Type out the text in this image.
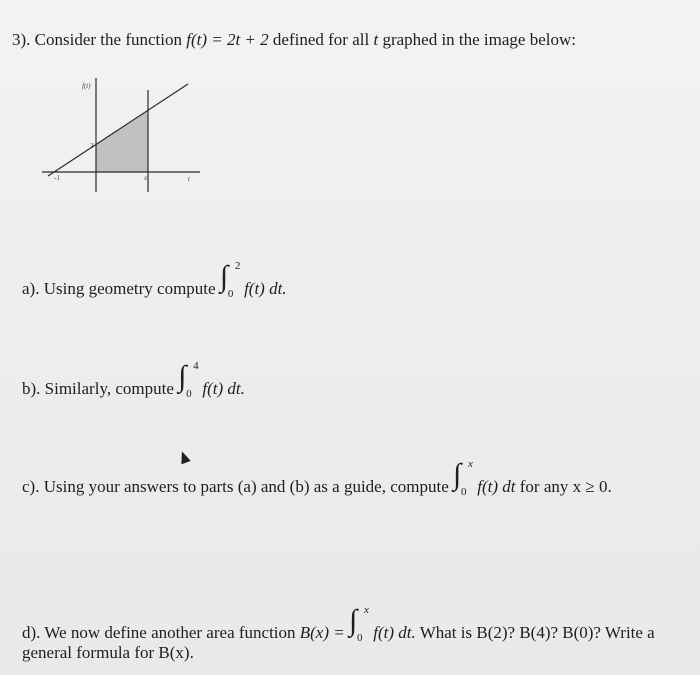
3). Consider the function f(t) = 2t + 2 defined for all t graphed in the image below:
f(t)
2
-1	x	t
a). Using geometry compute ∫ 2
0 f(t) dt.
b). Similarly, compute ∫ 4
0 f(t) dt.
c). Using your answers to parts (a) and (b) as a guide, compute ∫ x
0 f(t) dt for any x ≥ 0.
d). We now define another area function B(x) = ∫ x
0 f(t) dt. What is B(2)? B(4)? B(0)? Write a
general formula for B(x).
